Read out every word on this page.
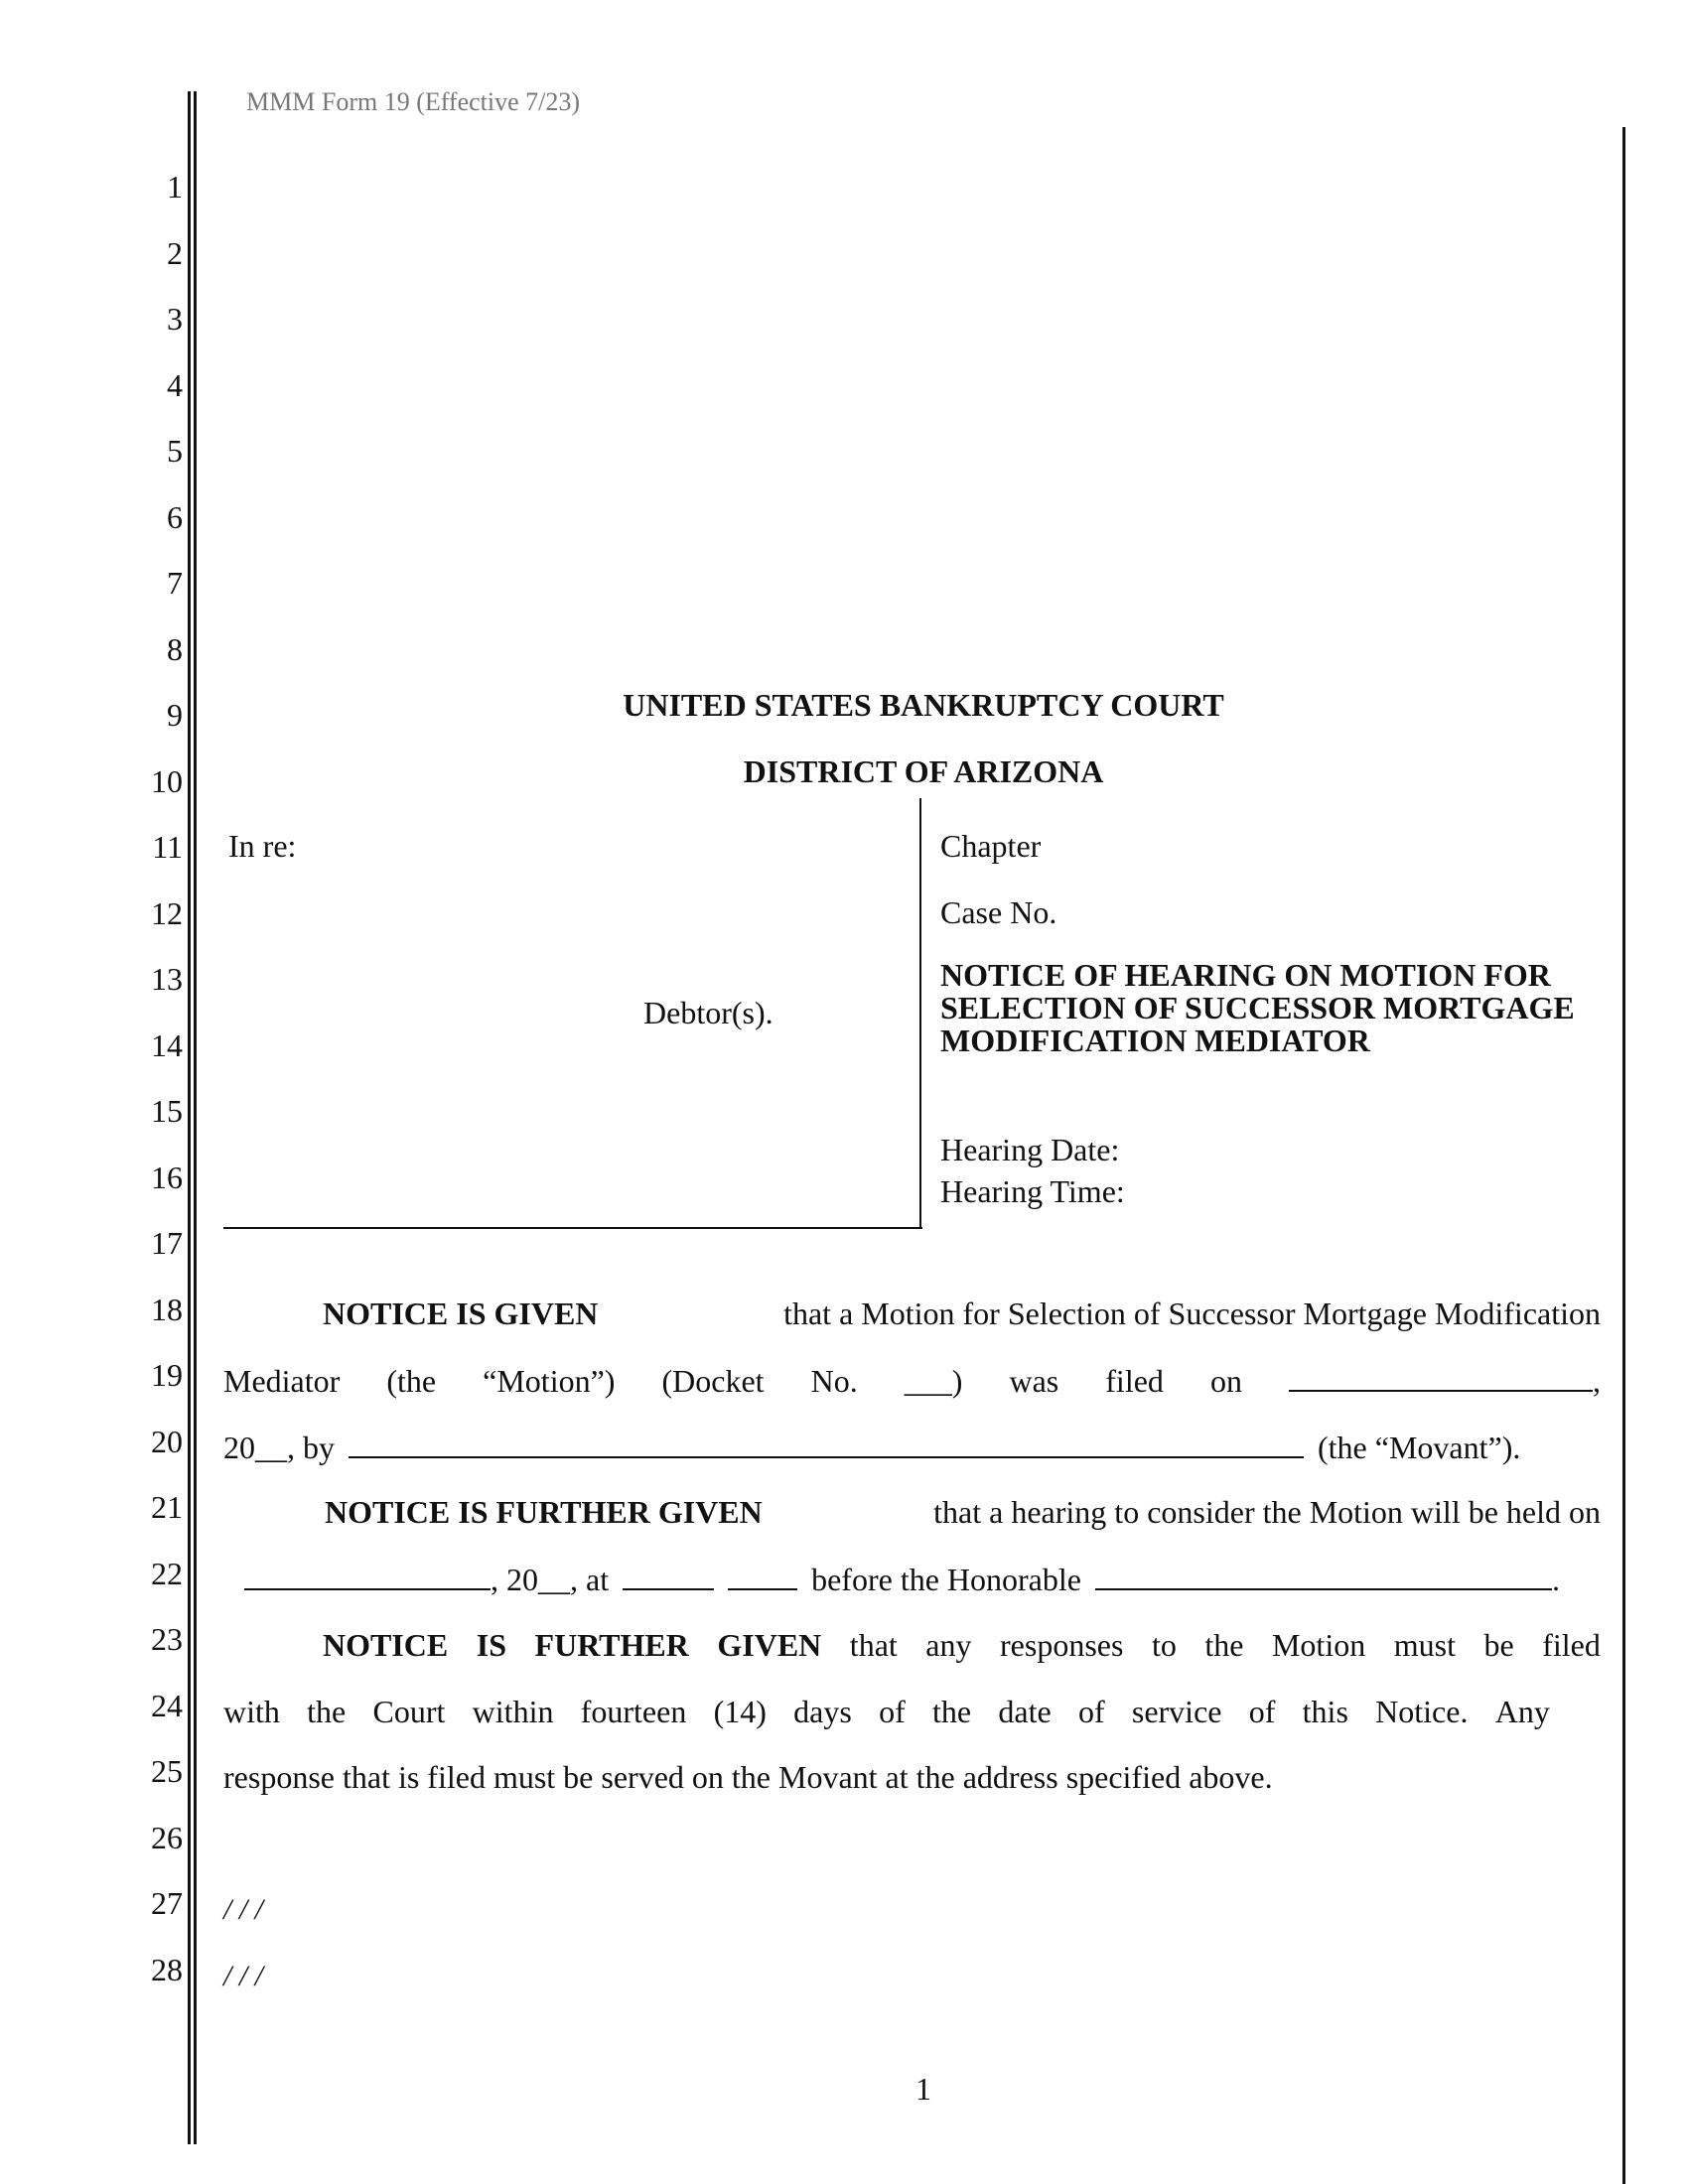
MMM Form 19 (Effective 7/23)
1
2
3
4
5
6
7
8
9
10
11
12
13
14
15
16
17
18
19
20
21
22
23
24
25
26
27
28
UNITED STATES BANKRUPTCY COURT
DISTRICT OF ARIZONA
In re:
Debtor(s).
Chapter
Case No.
NOTICE OF HEARING ON MOTION FOR SELECTION OF SUCCESSOR MORTGAGE MODIFICATION MEDIATOR
Hearing Date:
Hearing Time:
NOTICE IS GIVEN	that a Motion for Selection of Successor Mortgage Modification
Mediator (the “Motion”) (Docket No. ___) was filed on	,
20__, by	(the “Movant”).
NOTICE IS FURTHER GIVEN	that a hearing to consider the Motion will be held on
, 20__, at	before the Honorable	.
NOTICE IS FURTHER GIVEN that any responses to the Motion must be filed
with the Court within fourteen (14) days of the date of service of this Notice. Any
response that is filed must be served on the Movant at the address specified above.
/ / /
/ / /
1
